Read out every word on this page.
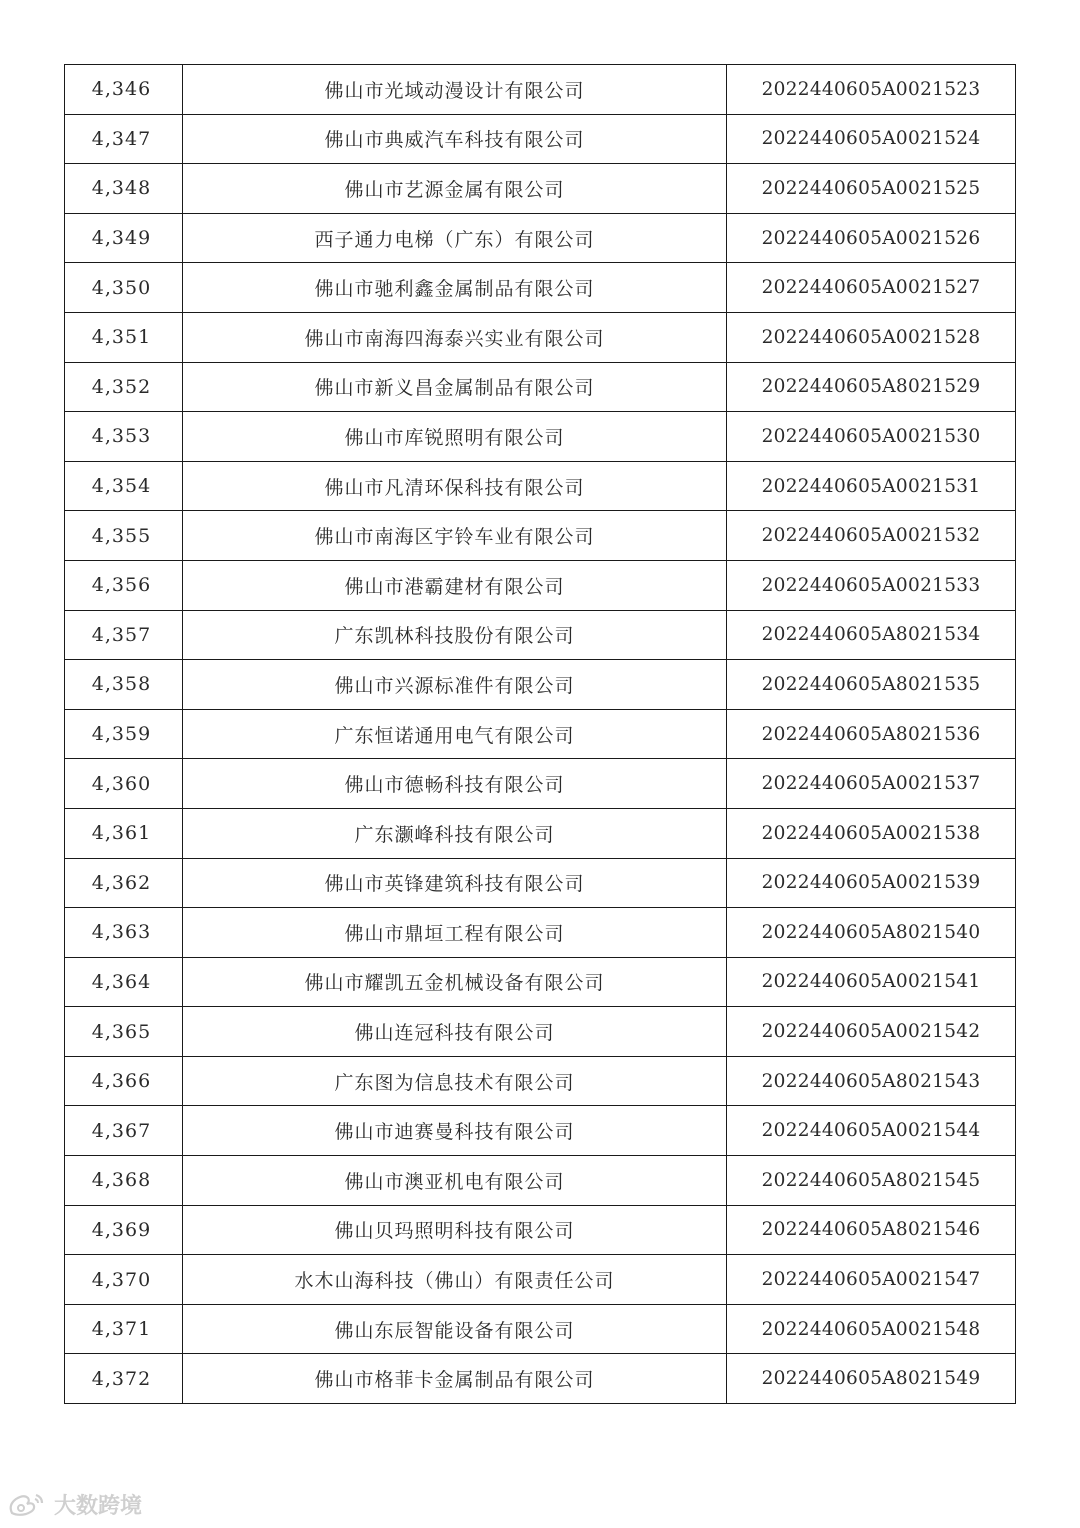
4,346	佛山市光域动漫设计有限公司	2022440605A0021523
4,347	佛山市典威汽车科技有限公司	2022440605A0021524
4,348	佛山市艺源金属有限公司	2022440605A0021525
4,349	西子通力电梯（广东）有限公司	2022440605A0021526
4,350	佛山市驰利鑫金属制品有限公司	2022440605A0021527
4,351	佛山市南海四海泰兴实业有限公司	2022440605A0021528
4,352	佛山市新义昌金属制品有限公司	2022440605A8021529
4,353	佛山市库锐照明有限公司	2022440605A0021530
4,354	佛山市凡清环保科技有限公司	2022440605A0021531
4,355	佛山市南海区宇铃车业有限公司	2022440605A0021532
4,356	佛山市港霸建材有限公司	2022440605A0021533
4,357	广东凯林科技股份有限公司	2022440605A8021534
4,358	佛山市兴源标准件有限公司	2022440605A8021535
4,359	广东恒诺通用电气有限公司	2022440605A8021536
4,360	佛山市德畅科技有限公司	2022440605A0021537
4,361	广东灏峰科技有限公司	2022440605A0021538
4,362	佛山市英锋建筑科技有限公司	2022440605A0021539
4,363	佛山市鼎垣工程有限公司	2022440605A8021540
4,364	佛山市耀凯五金机械设备有限公司	2022440605A0021541
4,365	佛山连冠科技有限公司	2022440605A0021542
4,366	广东图为信息技术有限公司	2022440605A8021543
4,367	佛山市迪赛曼科技有限公司	2022440605A0021544
4,368	佛山市澳亚机电有限公司	2022440605A8021545
4,369	佛山贝玛照明科技有限公司	2022440605A8021546
4,370	水木山海科技（佛山）有限责任公司	2022440605A0021547
4,371	佛山东辰智能设备有限公司	2022440605A0021548
4,372	佛山市格菲卡金属制品有限公司	2022440605A8021549
大数跨境
